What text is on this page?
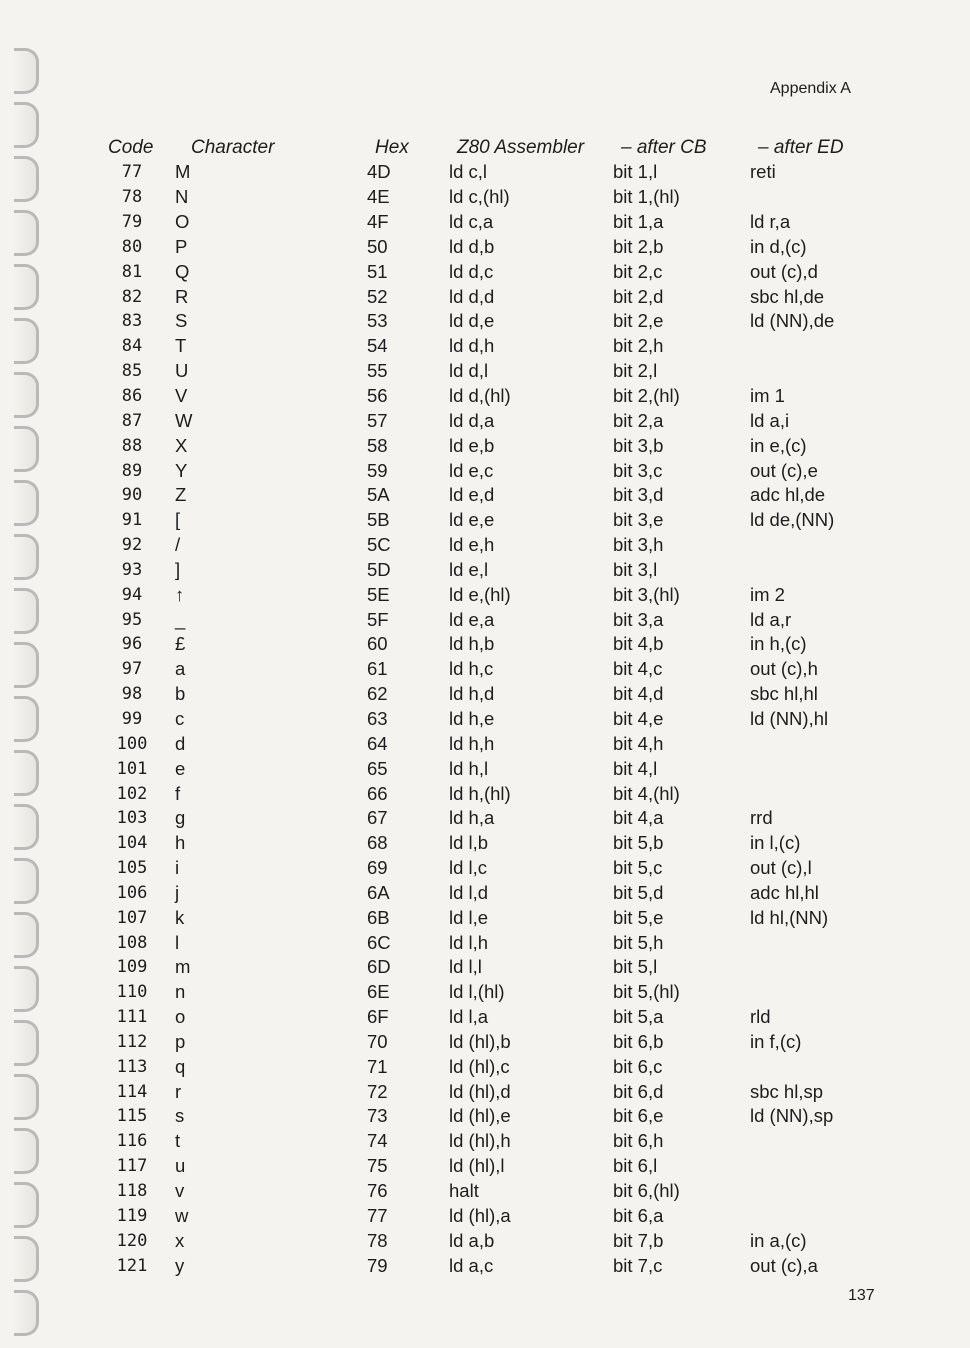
Appendix A
Code	Character	Hex	Z80 Assembler	– after CB	– after ED
77	M	4D	ld c,l	bit 1,l	reti
78	N	4E	ld c,(hl)	bit 1,(hl)
79	O	4F	ld c,a	bit 1,a	ld r,a
80	P	50	ld d,b	bit 2,b	in d,(c)
81	Q	51	ld d,c	bit 2,c	out (c),d
82	R	52	ld d,d	bit 2,d	sbc hl,de
83	S	53	ld d,e	bit 2,e	ld (NN),de
84	T	54	ld d,h	bit 2,h
85	U	55	ld d,l	bit 2,l
86	V	56	ld d,(hl)	bit 2,(hl)	im 1
87	W	57	ld d,a	bit 2,a	ld a,i
88	X	58	ld e,b	bit 3,b	in e,(c)
89	Y	59	ld e,c	bit 3,c	out (c),e
90	Z	5A	ld e,d	bit 3,d	adc hl,de
91	[	5B	ld e,e	bit 3,e	ld de,(NN)
92	/	5C	ld e,h	bit 3,h
93	]	5D	ld e,l	bit 3,l
94	↑	5E	ld e,(hl)	bit 3,(hl)	im 2
95	_	5F	ld e,a	bit 3,a	ld a,r
96	£	60	ld h,b	bit 4,b	in h,(c)
97	a	61	ld h,c	bit 4,c	out (c),h
98	b	62	ld h,d	bit 4,d	sbc hl,hl
99	c	63	ld h,e	bit 4,e	ld (NN),hl
100	d	64	ld h,h	bit 4,h
101	e	65	ld h,l	bit 4,l
102	f	66	ld h,(hl)	bit 4,(hl)
103	g	67	ld h,a	bit 4,a	rrd
104	h	68	ld l,b	bit 5,b	in l,(c)
105	i	69	ld l,c	bit 5,c	out (c),l
106	j	6A	ld l,d	bit 5,d	adc hl,hl
107	k	6B	ld l,e	bit 5,e	ld hl,(NN)
108	l	6C	ld l,h	bit 5,h
109	m	6D	ld l,l	bit 5,l
110	n	6E	ld l,(hl)	bit 5,(hl)
111	o	6F	ld l,a	bit 5,a	rld
112	p	70	ld (hl),b	bit 6,b	in f,(c)
113	q	71	ld (hl),c	bit 6,c
114	r	72	ld (hl),d	bit 6,d	sbc hl,sp
115	s	73	ld (hl),e	bit 6,e	ld (NN),sp
116	t	74	ld (hl),h	bit 6,h
117	u	75	ld (hl),l	bit 6,l
118	v	76	halt	bit 6,(hl)
119	w	77	ld (hl),a	bit 6,a
120	x	78	ld a,b	bit 7,b	in a,(c)
121	y	79	ld a,c	bit 7,c	out (c),a
137
